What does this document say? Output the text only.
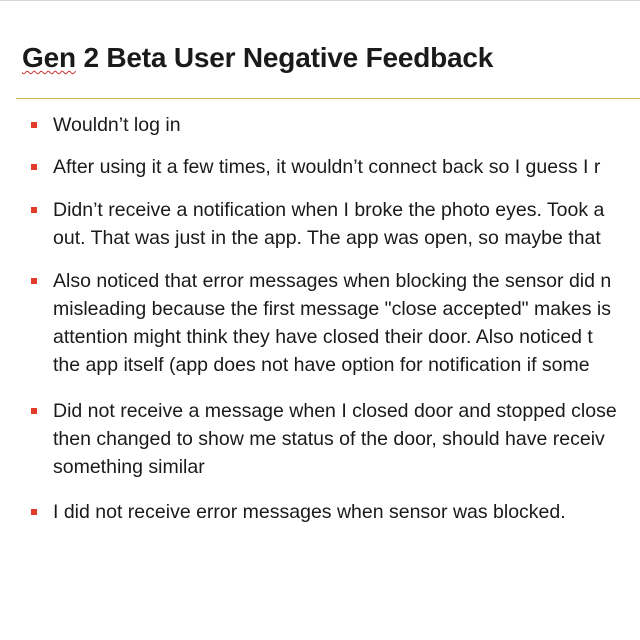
Gen 2 Beta User Negative Feedback

Wouldn’t log in

After using it a few times, it wouldn’t connect back so I guess I r

Didn’t receive a notification when I broke the photo eyes. Took a
out. That was just in the app. The app was open, so maybe that

Also noticed that error messages when blocking the sensor did n
misleading because the first message "close accepted" makes is
attention might think they have closed their door. Also noticed t
the app itself (app does not have option for notification if some

Did not receive a message when I closed door and stopped close
then changed to show me status of the door, should have receiv
something similar

I did not receive error messages when sensor was blocked.
